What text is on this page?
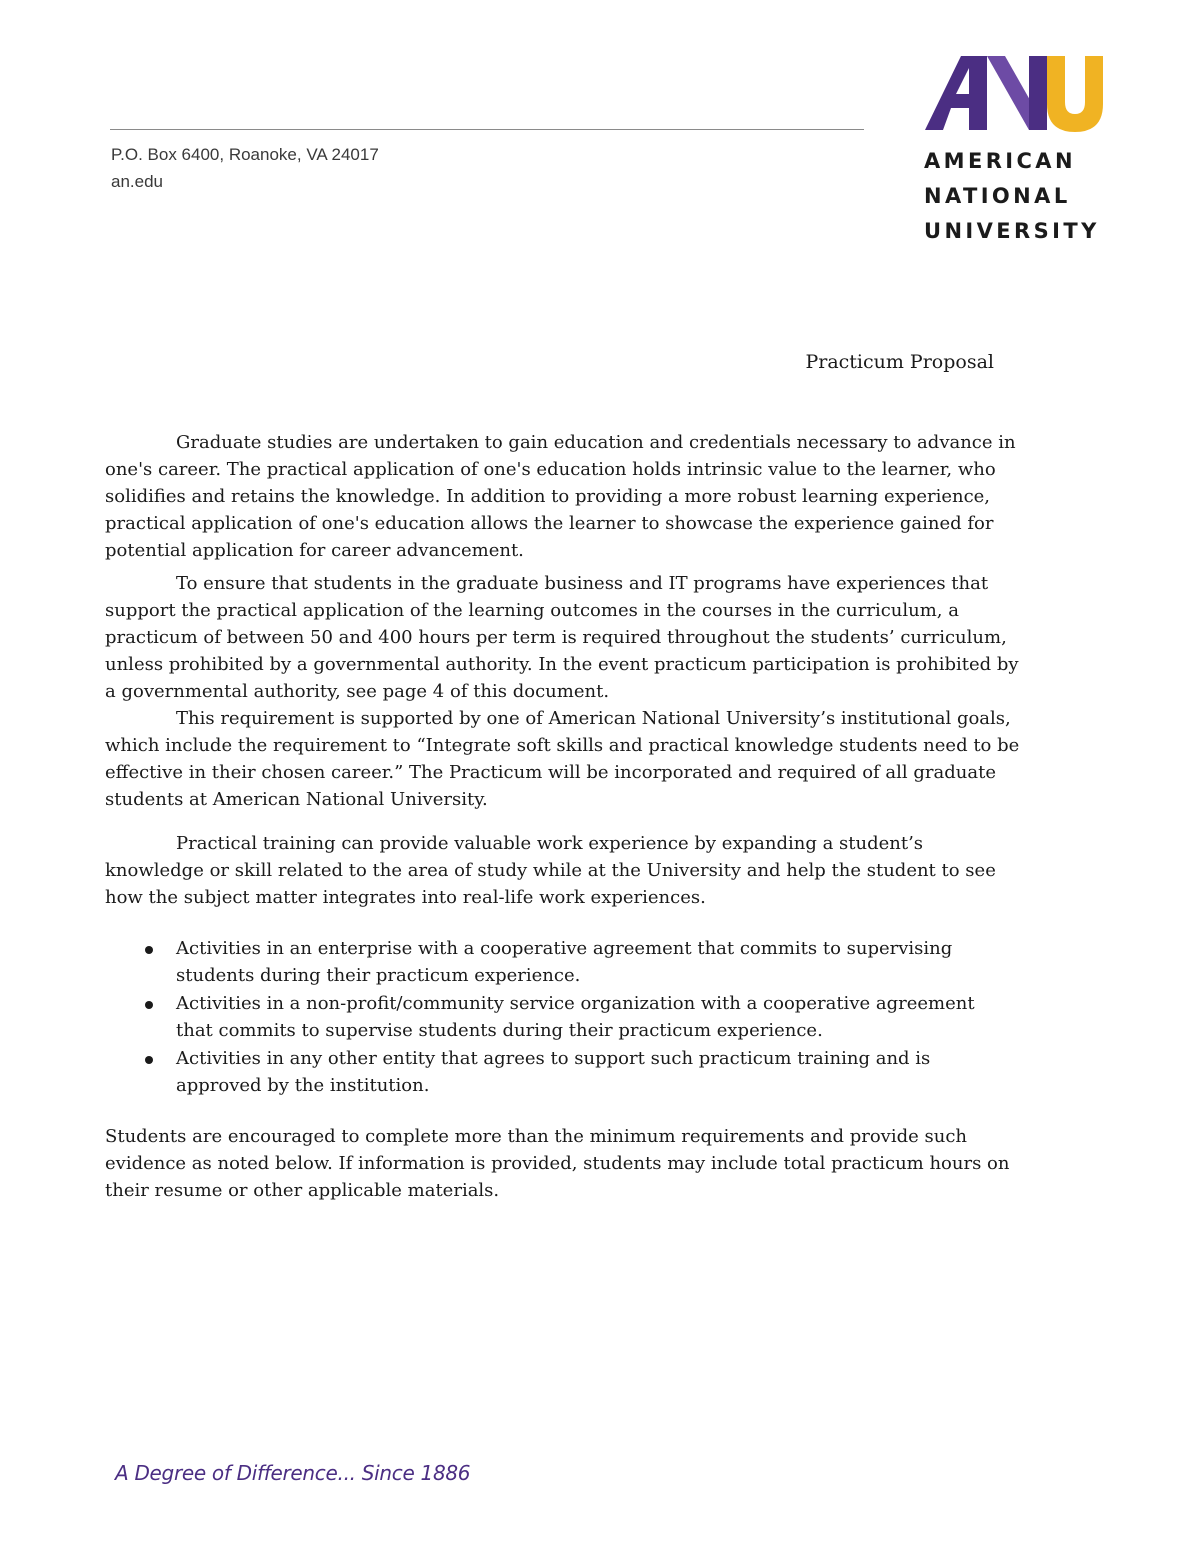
P.O. Box 6400, Roanoke, VA 24017
an.edu
AMERICAN
NATIONAL
UNIVERSITY
Practicum Proposal

Graduate studies are undertaken to gain education and credentials necessary to advance in one's career. The practical application of one's education holds intrinsic value to the learner, who solidifies and retains the knowledge. In addition to providing a more robust learning experience, practical application of one's education allows the learner to showcase the experience gained for potential application for career advancement.

To ensure that students in the graduate business and IT programs have experiences that support the practical application of the learning outcomes in the courses in the curriculum, a practicum of between 50 and 400 hours per term is required throughout the students’ curriculum, unless prohibited by a governmental authority. In the event practicum participation is prohibited by a governmental authority, see page 4 of this document.

This requirement is supported by one of American National University’s institutional goals, which include the requirement to “Integrate soft skills and practical knowledge students need to be effective in their chosen career.” The Practicum will be incorporated and required of all graduate students at American National University.

Practical training can provide valuable work experience by expanding a student’s knowledge or skill related to the area of study while at the University and help the student to see how the subject matter integrates into real-life work experiences.

Activities in an enterprise with a cooperative agreement that commits to supervising students during their practicum experience.
Activities in a non-profit/community service organization with a cooperative agreement that commits to supervise students during their practicum experience.
Activities in any other entity that agrees to support such practicum training and is approved by the institution.

Students are encouraged to complete more than the minimum requirements and provide such evidence as noted below. If information is provided, students may include total practicum hours on their resume or other applicable materials.

A Degree of Difference... Since 1886
